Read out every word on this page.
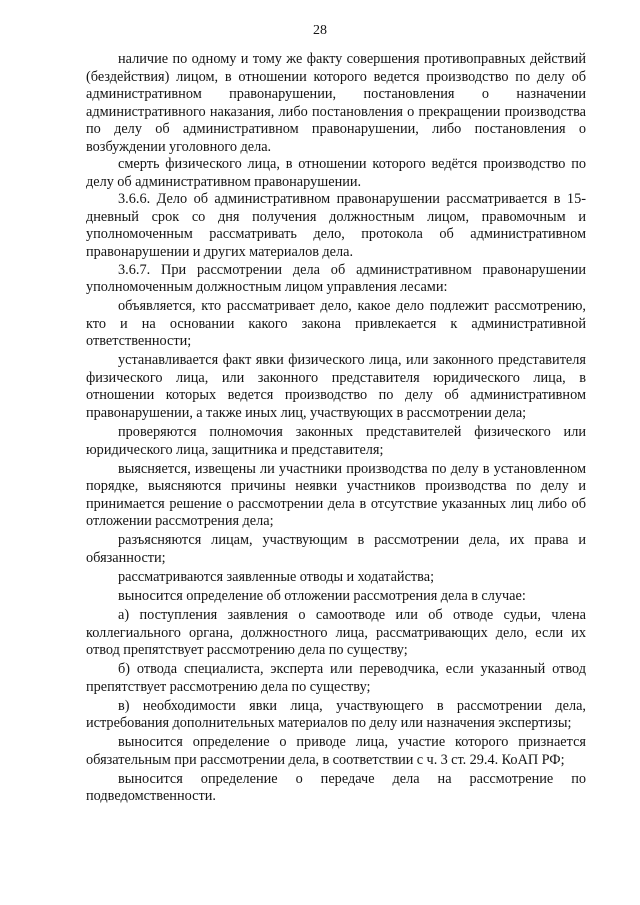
28

наличие по одному и тому же факту совершения противоправных действий (бездействия) лицом, в отношении которого ведется производство по делу об административном правонарушении, постановления о назначении административного наказания, либо постановления о прекращении производства по делу об административном правонарушении, либо постановления о возбуждении уголовного дела.

смерть физического лица, в отношении которого ведётся производство по делу об административном правонарушении.

3.6.6. Дело об административном правонарушении рассматривается в 15-дневный срок со дня получения должностным лицом, правомочным и уполномоченным рассматривать дело, протокола об административном правонарушении и других материалов дела.

3.6.7. При рассмотрении дела об административном правонарушении уполномоченным должностным лицом управления лесами:

объявляется, кто рассматривает дело, какое дело подлежит рассмотрению, кто и на основании какого закона привлекается к административной ответственности;

устанавливается факт явки физического лица, или законного представителя физического лица, или законного представителя юридического лица, в отношении которых ведется производство по делу об административном правонарушении, а также иных лиц, участвующих в рассмотрении дела;

проверяются полномочия законных представителей физического или юридического лица, защитника и представителя;

выясняется, извещены ли участники производства по делу в установленном порядке, выясняются причины неявки участников производства по делу и принимается решение о рассмотрении дела в отсутствие указанных лиц либо об отложении рассмотрения дела;

разъясняются лицам, участвующим в рассмотрении дела, их права и обязанности;

рассматриваются заявленные отводы и ходатайства;

выносится определение об отложении рассмотрения дела в случае:

а) поступления заявления о самоотводе или об отводе судьи, члена коллегиального органа, должностного лица, рассматривающих дело, если их отвод препятствует рассмотрению дела по существу;

б) отвода специалиста, эксперта или переводчика, если указанный отвод препятствует рассмотрению дела по существу;

в) необходимости явки лица, участвующего в рассмотрении дела, истребования дополнительных материалов по делу или назначения экспертизы;

выносится определение о приводе лица, участие которого признается обязательным при рассмотрении дела, в соответствии с ч. 3 ст. 29.4. КоАП РФ;

выносится определение о передаче дела на рассмотрение по подведомственности.
